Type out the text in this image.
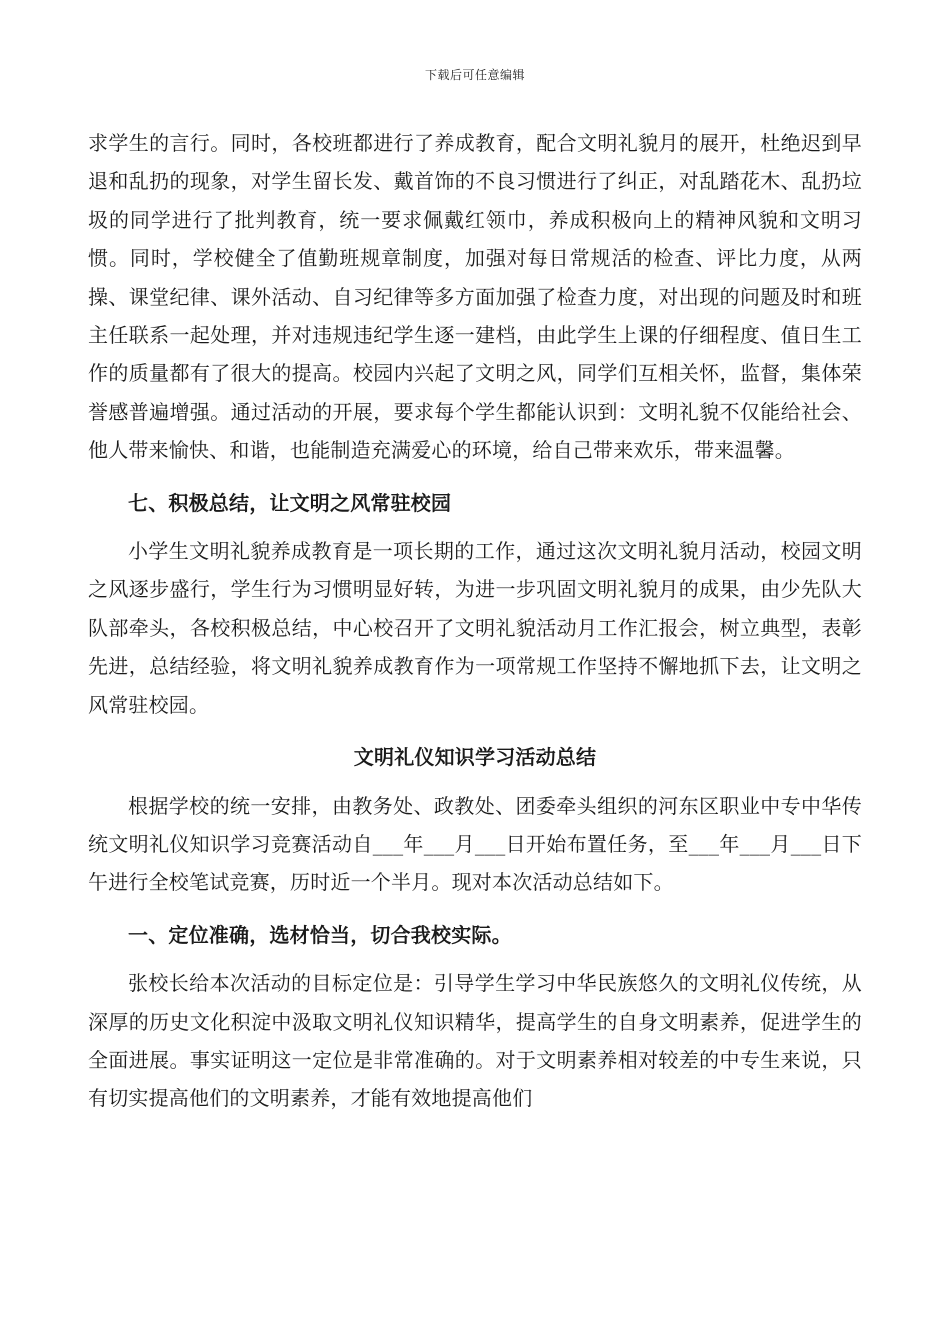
下载后可任意编辑

求学生的言行。同时，各校班都进行了养成教育，配合文明礼貌月的展开，杜绝迟到早退和乱扔的现象，对学生留长发、戴首饰的不良习惯进行了纠正，对乱踏花木、乱扔垃圾的同学进行了批判教育，统一要求佩戴红领巾，养成积极向上的精神风貌和文明习惯。同时，学校健全了值勤班规章制度，加强对每日常规活的检查、评比力度，从两操、课堂纪律、课外活动、自习纪律等多方面加强了检查力度，对出现的问题及时和班主任联系一起处理，并对违规违纪学生逐一建档，由此学生上课的仔细程度、值日生工作的质量都有了很大的提高。校园内兴起了文明之风，同学们互相关怀，监督，集体荣誉感普遍增强。通过活动的开展，要求每个学生都能认识到：文明礼貌不仅能给社会、他人带来愉快、和谐，也能制造充满爱心的环境，给自己带来欢乐，带来温馨。

七、积极总结，让文明之风常驻校园

小学生文明礼貌养成教育是一项长期的工作，通过这次文明礼貌月活动，校园文明之风逐步盛行，学生行为习惯明显好转，为进一步巩固文明礼貌月的成果，由少先队大队部牵头，各校积极总结，中心校召开了文明礼貌活动月工作汇报会，树立典型，表彰先进，总结经验，将文明礼貌养成教育作为一项常规工作坚持不懈地抓下去，让文明之风常驻校园。

文明礼仪知识学习活动总结

根据学校的统一安排，由教务处、政教处、团委牵头组织的河东区职业中专中华传统文明礼仪知识学习竞赛活动自___年___月___日开始布置任务，至___年___月___日下午进行全校笔试竞赛，历时近一个半月。现对本次活动总结如下。

一、定位准确，选材恰当，切合我校实际。

张校长给本次活动的目标定位是：引导学生学习中华民族悠久的文明礼仪传统，从深厚的历史文化积淀中汲取文明礼仪知识精华，提高学生的自身文明素养，促进学生的全面进展。事实证明这一定位是非常准确的。对于文明素养相对较差的中专生来说，只有切实提高他们的文明素养，才能有效地提高他们
